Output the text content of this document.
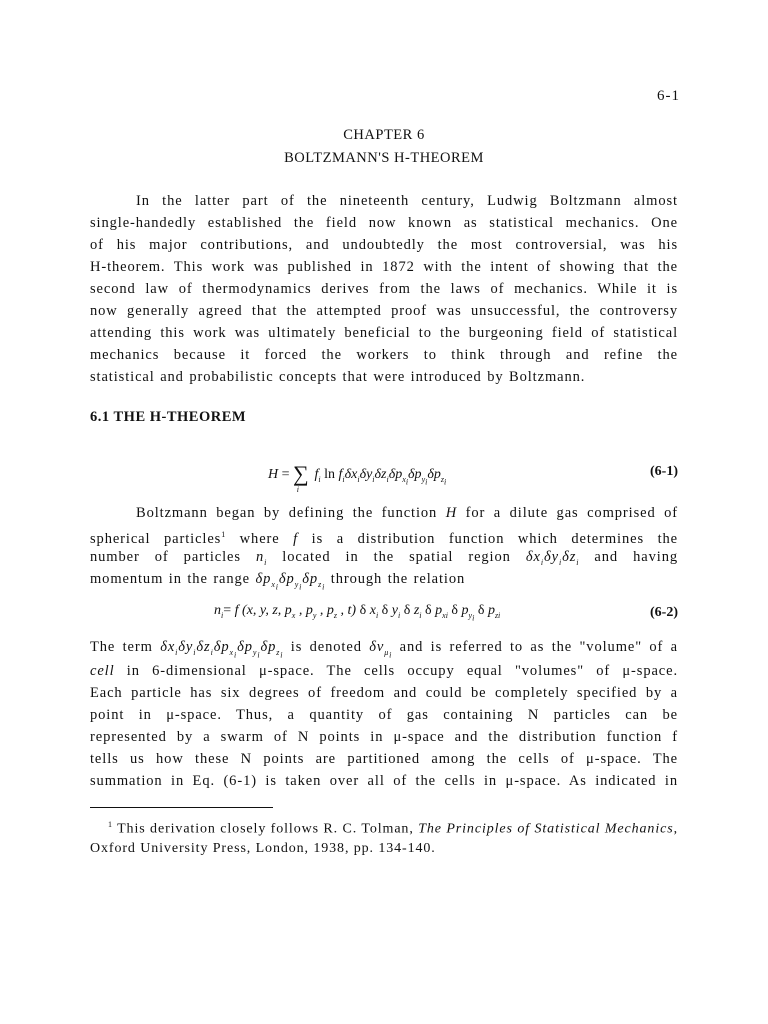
6-1
CHAPTER 6
BOLTZMANN'S H-THEOREM

In the latter part of the nineteenth century, Ludwig Boltzmann almost

single-handedly established the field now known as statistical mechanics. One

of his major contributions, and undoubtedly the most controversial, was his

H-theorem. This work was published in 1872 with the intent of showing that the

second law of thermodynamics derives from the laws of mechanics. While it is

now generally agreed that the attempted proof was unsuccessful, the controversy

attending this work was ultimately beneficial to the burgeoning field of statistical

mechanics because it forced the workers to think through and refine the

statistical and probabilistic concepts that were introduced by Boltzmann.

6.1 THE H-THEOREM
$H = \sum_i$ $f_i$ $\ln f_i\delta x_i\delta y_i\delta z_i\delta p_{x_i}\delta p_{y_i}\delta p_{z_i}$
(6-1)
Boltzmann began by defining the function H for a dilute gas comprised of
spherical particles$^1$ where f is a distribution function which determines the
number of particles $n_i$ located in the spatial region $\delta x_i\delta y_i\delta z_i$ and having
momentum in the range $\delta p_{x_i}\delta p_{y_i}\delta p_{z_i}$ through the relation
$n_i= f$ (x, y, z, $p_x$ , $p_y$ , $p_z$ , t) δ $x_i$ δ $y_i$ δ $z_i$ δ $p_{xi}$ δ $p_{y_i}$ δ $p_{zi}$	(6-2)
The term $\delta x_i\delta y_i\delta z_i\delta p_{x_i}\delta p_{y_i}\delta p_{z_i}$ is denoted $\delta v_{\mu_i}$ and is referred to as the "volume" of a
cell in 6-dimensional μ-space. The cells occupy equal "volumes" of μ-space.
Each particle has six degrees of freedom and could be completely specified by a
point in μ-space. Thus, a quantity of gas containing N particles can be
represented by a swarm of N points in μ-space and the distribution function f
tells us how these N points are partitioned among the cells of μ-space. The
summation in Eq. (6-1) is taken over all of the cells in μ-space. As indicated in
$^1$ This derivation closely follows R. C. Tolman, The Principles of Statistical Mechanics, Oxford University Press, London, 1938, pp. 134-140.
